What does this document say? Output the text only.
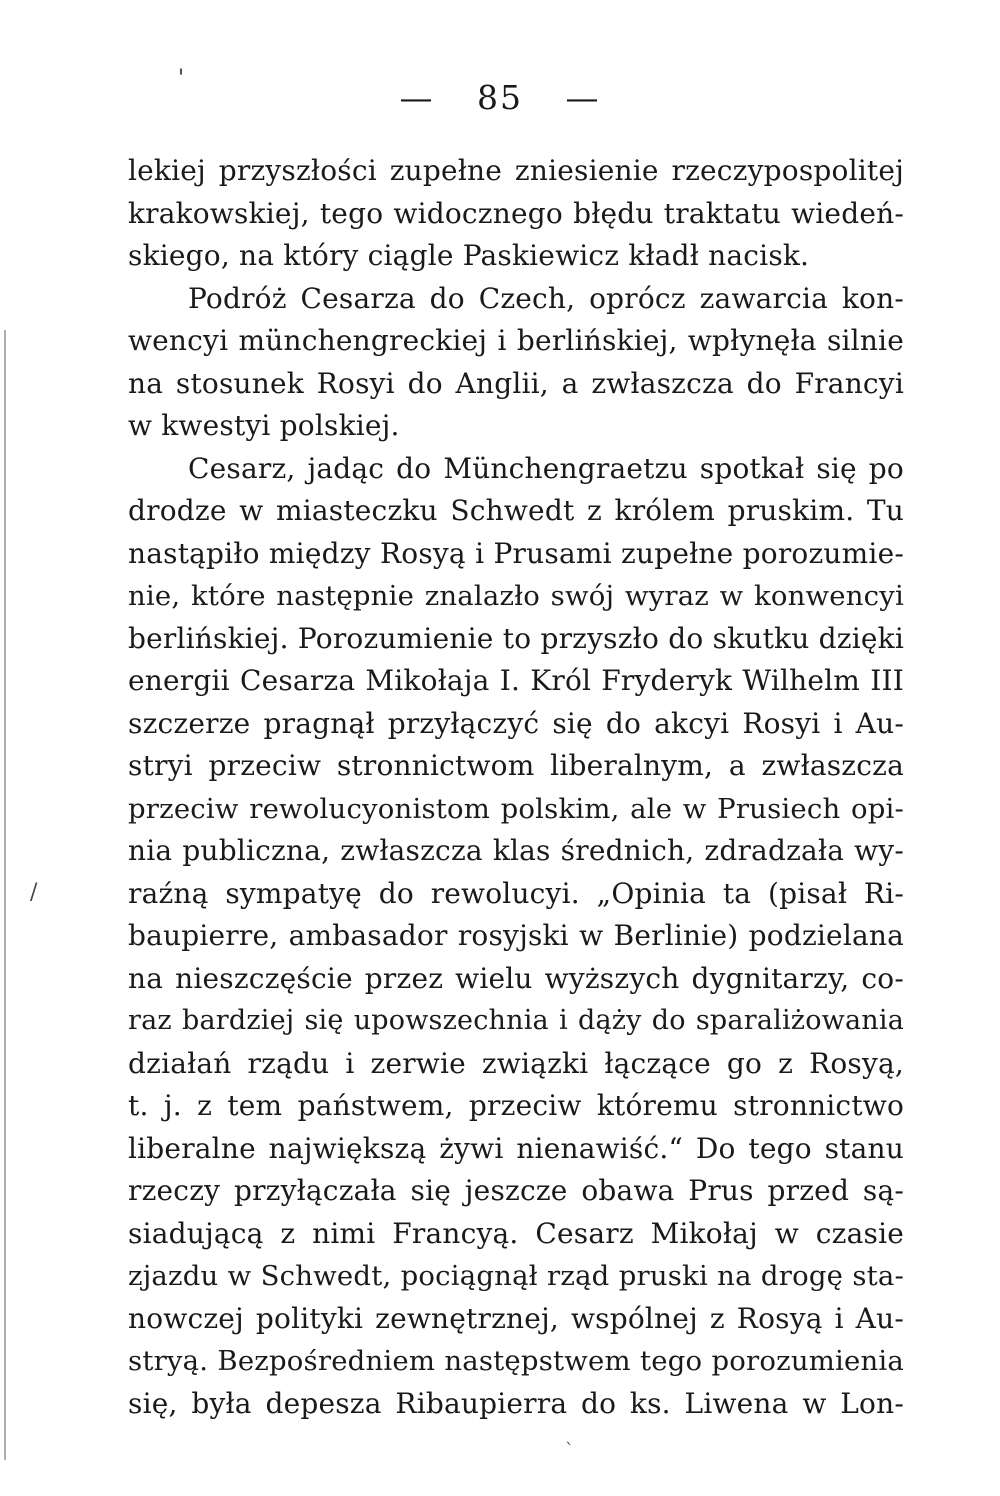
'
/
`
— 85 —
lekiej przyszłości zupełne zniesienie rzeczypospolitej
krakowskiej, tego widocznego błędu traktatu wiedeń-
skiego, na który ciągle Paskiewicz kładł nacisk.
Podróż Cesarza do Czech, oprócz zawarcia kon-
wencyi münchengreckiej i berlińskiej, wpłynęła silnie
na stosunek Rosyi do Anglii, a zwłaszcza do Francyi
w kwestyi polskiej.
Cesarz, jadąc do Münchengraetzu spotkał się po
drodze w miasteczku Schwedt z królem pruskim. Tu
nastąpiło między Rosyą i Prusami zupełne porozumie-
nie, które następnie znalazło swój wyraz w konwencyi
berlińskiej. Porozumienie to przyszło do skutku dzięki
energii Cesarza Mikołaja I. Król Fryderyk Wilhelm III
szczerze pragnął przyłączyć się do akcyi Rosyi i Au-
stryi przeciw stronnictwom liberalnym, a zwłaszcza
przeciw rewolucyonistom polskim, ale w Prusiech opi-
nia publiczna, zwłaszcza klas średnich, zdradzała wy-
raźną sympatyę do rewolucyi. „Opinia ta (pisał Ri-
baupierre, ambasador rosyjski w Berlinie) podzielana
na nieszczęście przez wielu wyższych dygnitarzy, co-
raz bardziej się upowszechnia i dąży do sparaliżowania
działań rządu i zerwie związki łączące go z Rosyą,
t. j. z tem państwem, przeciw któremu stronnictwo
liberalne największą żywi nienawiść.“ Do tego stanu
rzeczy przyłączała się jeszcze obawa Prus przed są-
siadującą z nimi Francyą. Cesarz Mikołaj w czasie
zjazdu w Schwedt, pociągnął rząd pruski na drogę sta-
nowczej polityki zewnętrznej, wspólnej z Rosyą i Au-
stryą. Bezpośredniem następstwem tego porozumienia
się, była depesza Ribaupierra do ks. Liwena w Lon-
